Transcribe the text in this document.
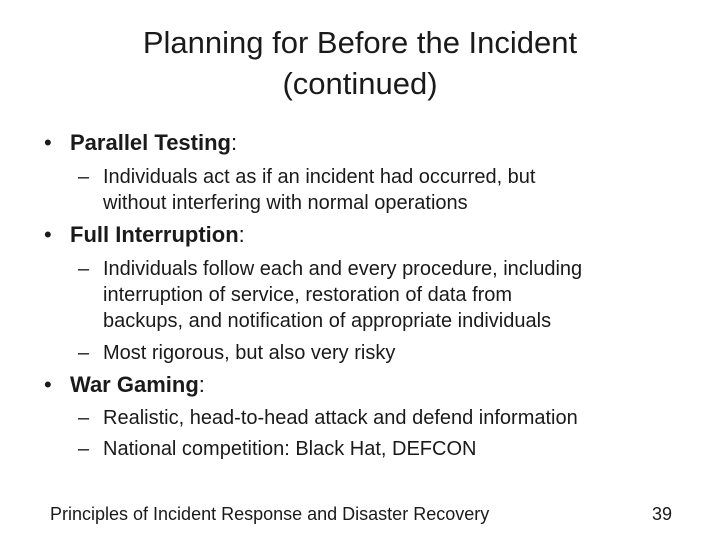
Planning for Before the Incident
(continued)
• Parallel Testing:
– Individuals act as if an incident had occurred, but
without interfering with normal operations
• Full Interruption:
– Individuals follow each and every procedure, including
interruption of service, restoration of data from
backups, and notification of appropriate individuals
– Most rigorous, but also very risky
• War Gaming:
– Realistic, head-to-head attack and defend information
– National competition: Black Hat, DEFCON
Principles of Incident Response and Disaster Recovery	39
